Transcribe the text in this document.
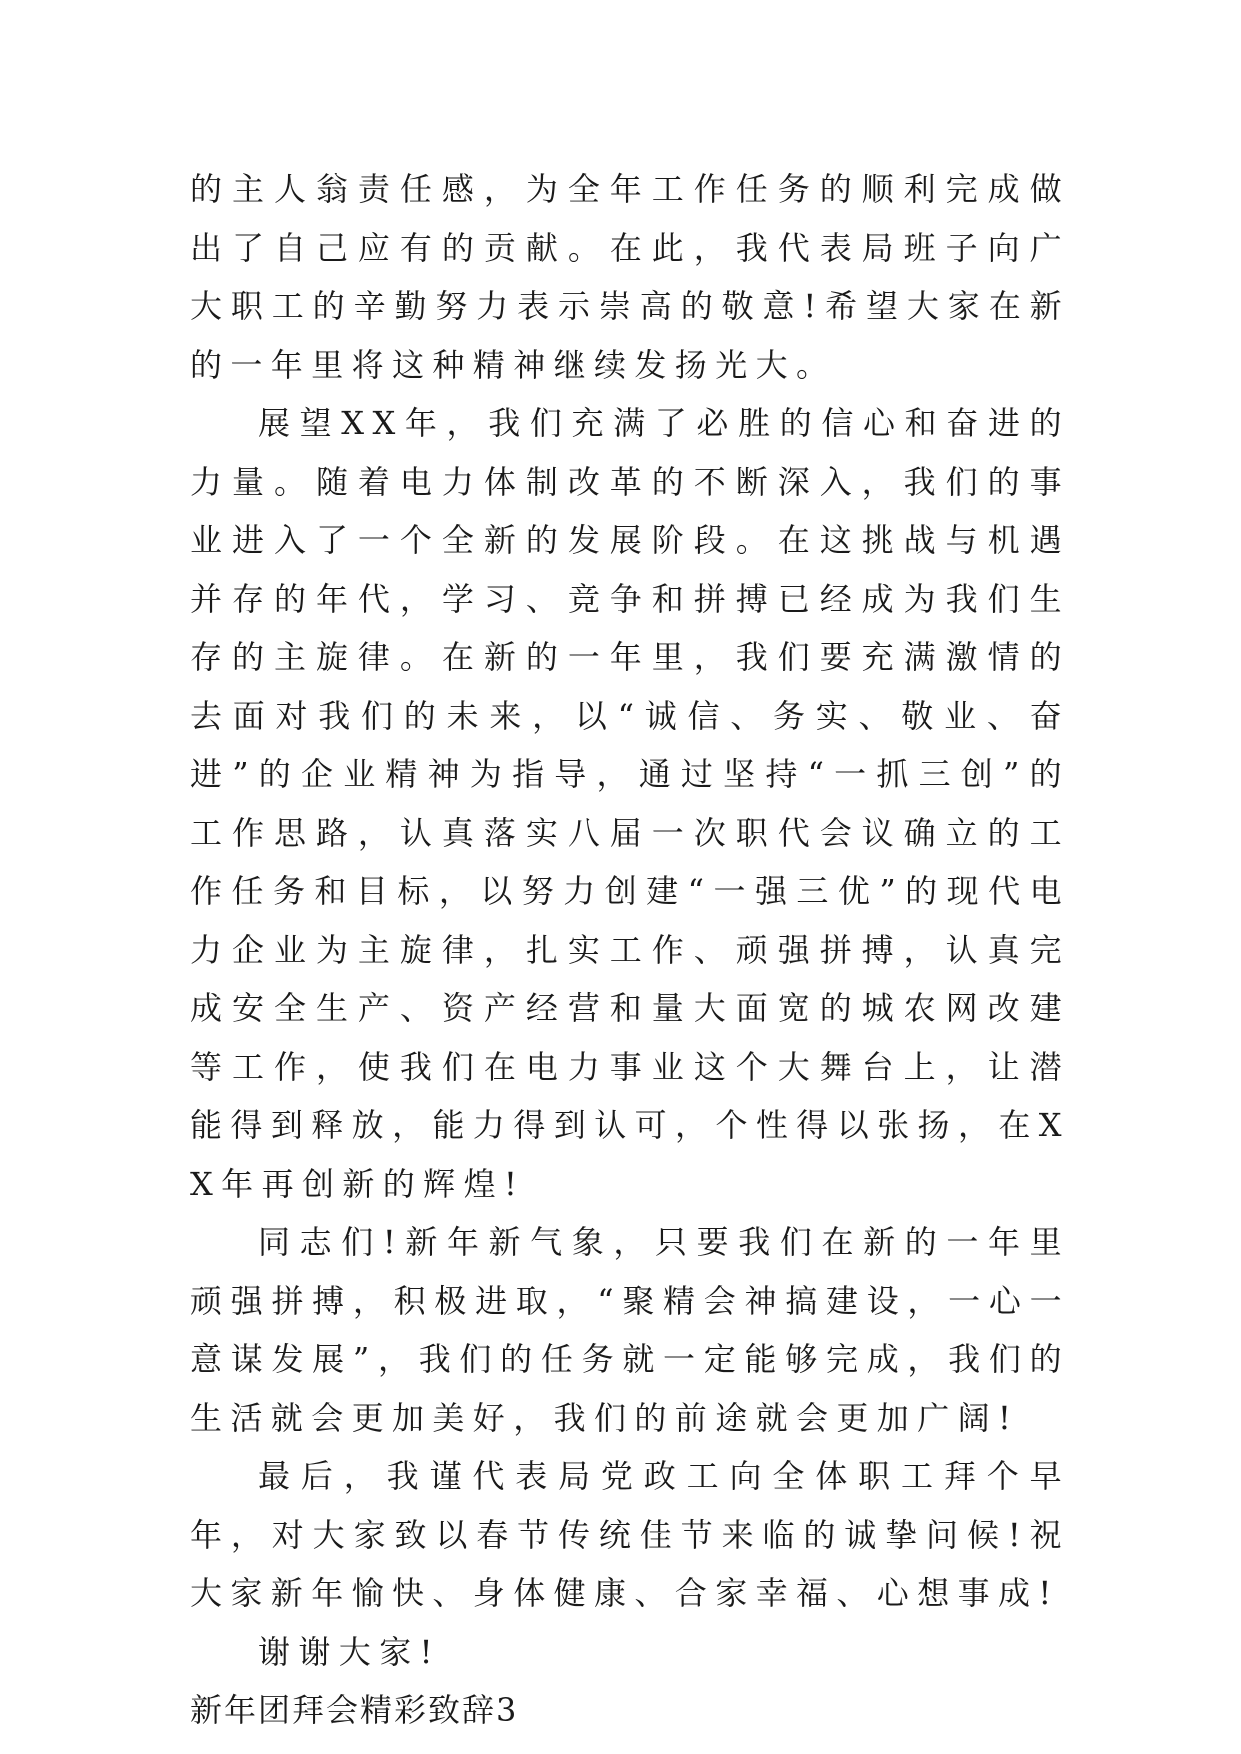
的主人翁责任感，为全年工作任务的顺利完成做出了自己应有的贡献。在此，我代表局班子向广大职工的辛勤努力表示崇高的敬意!希望大家在新的一年里将这种精神继续发扬光大。

展望XX年，我们充满了必胜的信心和奋进的力量。随着电力体制改革的不断深入，我们的事业进入了一个全新的发展阶段。在这挑战与机遇并存的年代，学习、竞争和拼搏已经成为我们生存的主旋律。在新的一年里，我们要充满激情的去面对我们的未来，以“诚信、务实、敬业、奋进”的企业精神为指导，通过坚持“一抓三创”的工作思路，认真落实八届一次职代会议确立的工作任务和目标，以努力创建“一强三优”的现代电力企业为主旋律，扎实工作、顽强拼搏，认真完成安全生产、资产经营和量大面宽的城农网改建等工作，使我们在电力事业这个大舞台上，让潜能得到释放，能力得到认可，个性得以张扬，在XX年再创新的辉煌!

同志们!新年新气象，只要我们在新的一年里顽强拼搏，积极进取，“聚精会神搞建设，一心一意谋发展”，我们的任务就一定能够完成，我们的生活就会更加美好，我们的前途就会更加广阔!

最后，我谨代表局党政工向全体职工拜个早年，对大家致以春节传统佳节来临的诚挚问候!祝大家新年愉快、身体健康、合家幸福、心想事成!

谢谢大家!

新年团拜会精彩致辞3
